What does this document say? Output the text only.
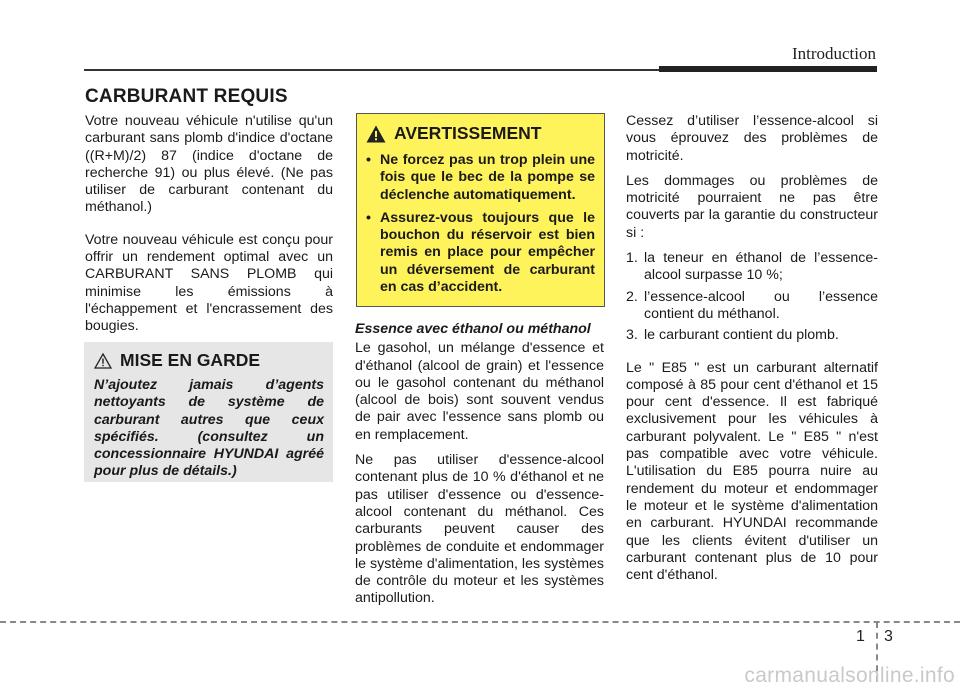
Introduction
CARBURANT REQUIS

Votre nouveau véhicule n'utilise qu'un carburant sans plomb d'indice d'octane ((R+M)/2) 87 (indice d'octane de recherche 91) ou plus élevé. (Ne pas utiliser de carburant contenant du méthanol.)

Votre nouveau véhicule est conçu pour offrir un rendement optimal avec un CARBURANT SANS PLOMB qui minimise les émissions à l'échappement et l'encrassement des bougies.

MISE EN GARDE
N’ajoutez jamais d’agents nettoyants de système de carburant autres que ceux spécifiés. (consultez un concessionnaire HYUNDAI agréé pour plus de détails.)
AVERTISSEMENT
• Ne forcez pas un trop plein une fois que le bec de la pompe se déclenche automatiquement.
• Assurez-vous toujours que le bouchon du réservoir est bien remis en place pour empêcher un déversement de carburant en cas d’accident.

Essence avec éthanol ou méthanol

Le gasohol, un mélange d'essence et d'éthanol (alcool de grain) et l'essence ou le gasohol contenant du méthanol (alcool de bois) sont souvent vendus de pair avec l'essence sans plomb ou en remplacement.

Ne pas utiliser d'essence-alcool contenant plus de 10 % d'éthanol et ne pas utiliser d'essence ou d'essence-alcool contenant du méthanol. Ces carburants peuvent causer des problèmes de conduite et endommager le système d'alimentation, les systèmes de contrôle du moteur et les systèmes antipollution.

Cessez d’utiliser l’essence-alcool si vous éprouvez des problèmes de motricité.

Les dommages ou problèmes de motricité pourraient ne pas être couverts par la garantie du constructeur si :

1. la teneur en éthanol de l’essence-alcool surpasse 10 %;
2. l’essence-alcool ou l’essence contient du méthanol.
3. le carburant contient du plomb.

Le " E85 " est un carburant alternatif composé à 85 pour cent d'éthanol et 15 pour cent d'essence. Il est fabriqué exclusivement pour les véhicules à carburant polyvalent. Le " E85 " n'est pas compatible avec votre véhicule. L'utilisation du E85 pourra nuire au rendement du moteur et endommager le moteur et le système d'alimentation en carburant. HYUNDAI recommande que les clients évitent d'utiliser un carburant contenant plus de 10 pour cent d'éthanol.

1 3
carmanualsonline.info
